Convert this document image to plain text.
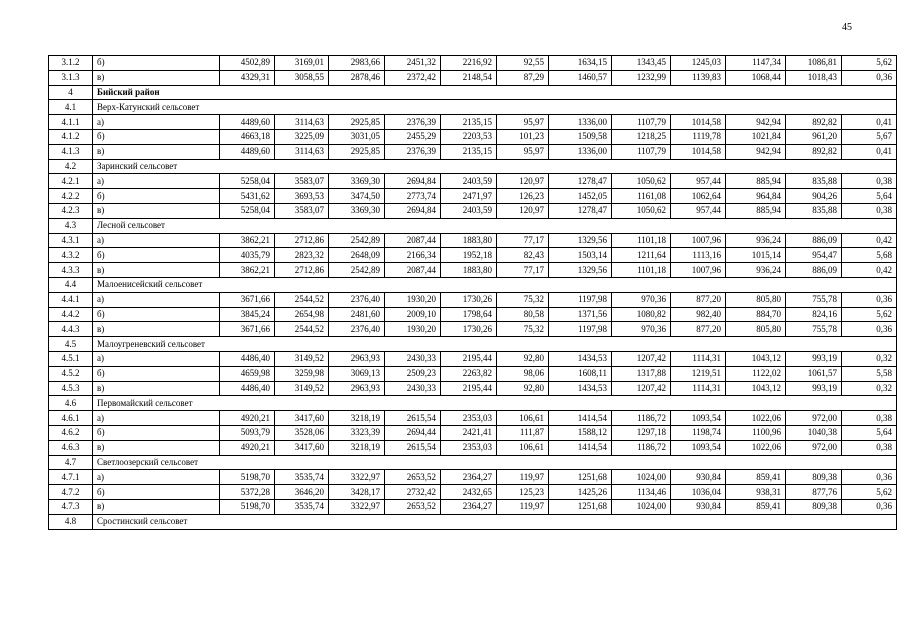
45
3.1.2	б)	4502,89	3169,01	2983,66	2451,32	2216,92	92,55	1634,15	1343,45	1245,03	1147,34	1086,81	5,62
3.1.3	в)	4329,31	3058,55	2878,46	2372,42	2148,54	87,29	1460,57	1232,99	1139,83	1068,44	1018,43	0,36
4	Бийский район												
4.1	Верх-Катунский сельсовет												
4.1.1	а)	4489,60	3114,63	2925,85	2376,39	2135,15	95,97	1336,00	1107,79	1014,58	942,94	892,82	0,41
4.1.2	б)	4663,18	3225,09	3031,05	2455,29	2203,53	101,23	1509,58	1218,25	1119,78	1021,84	961,20	5,67
4.1.3	в)	4489,60	3114,63	2925,85	2376,39	2135,15	95,97	1336,00	1107,79	1014,58	942,94	892,82	0,41
4.2	Заринский сельсовет												
4.2.1	а)	5258,04	3583,07	3369,30	2694,84	2403,59	120,97	1278,47	1050,62	957,44	885,94	835,88	0,38
4.2.2	б)	5431,62	3693,53	3474,50	2773,74	2471,97	126,23	1452,05	1161,08	1062,64	964,84	904,26	5,64
4.2.3	в)	5258,04	3583,07	3369,30	2694,84	2403,59	120,97	1278,47	1050,62	957,44	885,94	835,88	0,38
4.3	Лесной сельсовет												
4.3.1	а)	3862,21	2712,86	2542,89	2087,44	1883,80	77,17	1329,56	1101,18	1007,96	936,24	886,09	0,42
4.3.2	б)	4035,79	2823,32	2648,09	2166,34	1952,18	82,43	1503,14	1211,64	1113,16	1015,14	954,47	5,68
4.3.3	в)	3862,21	2712,86	2542,89	2087,44	1883,80	77,17	1329,56	1101,18	1007,96	936,24	886,09	0,42
4.4	Малоенисейский сельсовет												
4.4.1	а)	3671,66	2544,52	2376,40	1930,20	1730,26	75,32	1197,98	970,36	877,20	805,80	755,78	0,36
4.4.2	б)	3845,24	2654,98	2481,60	2009,10	1798,64	80,58	1371,56	1080,82	982,40	884,70	824,16	5,62
4.4.3	в)	3671,66	2544,52	2376,40	1930,20	1730,26	75,32	1197,98	970,36	877,20	805,80	755,78	0,36
4.5	Малоугреневский сельсовет												
4.5.1	а)	4486,40	3149,52	2963,93	2430,33	2195,44	92,80	1434,53	1207,42	1114,31	1043,12	993,19	0,32
4.5.2	б)	4659,98	3259,98	3069,13	2509,23	2263,82	98,06	1608,11	1317,88	1219,51	1122,02	1061,57	5,58
4.5.3	в)	4486,40	3149,52	2963,93	2430,33	2195,44	92,80	1434,53	1207,42	1114,31	1043,12	993,19	0,32
4.6	Первомайский сельсовет												
4.6.1	а)	4920,21	3417,60	3218,19	2615,54	2353,03	106,61	1414,54	1186,72	1093,54	1022,06	972,00	0,38
4.6.2	б)	5093,79	3528,06	3323,39	2694,44	2421,41	111,87	1588,12	1297,18	1198,74	1100,96	1040,38	5,64
4.6.3	в)	4920,21	3417,60	3218,19	2615,54	2353,03	106,61	1414,54	1186,72	1093,54	1022,06	972,00	0,38
4.7	Светлоозерский сельсовет												
4.7.1	а)	5198,70	3535,74	3322,97	2653,52	2364,27	119,97	1251,68	1024,00	930,84	859,41	809,38	0,36
4.7.2	б)	5372,28	3646,20	3428,17	2732,42	2432,65	125,23	1425,26	1134,46	1036,04	938,31	877,76	5,62
4.7.3	в)	5198,70	3535,74	3322,97	2653,52	2364,27	119,97	1251,68	1024,00	930,84	859,41	809,38	0,36
4.8	Сростинский сельсовет												
